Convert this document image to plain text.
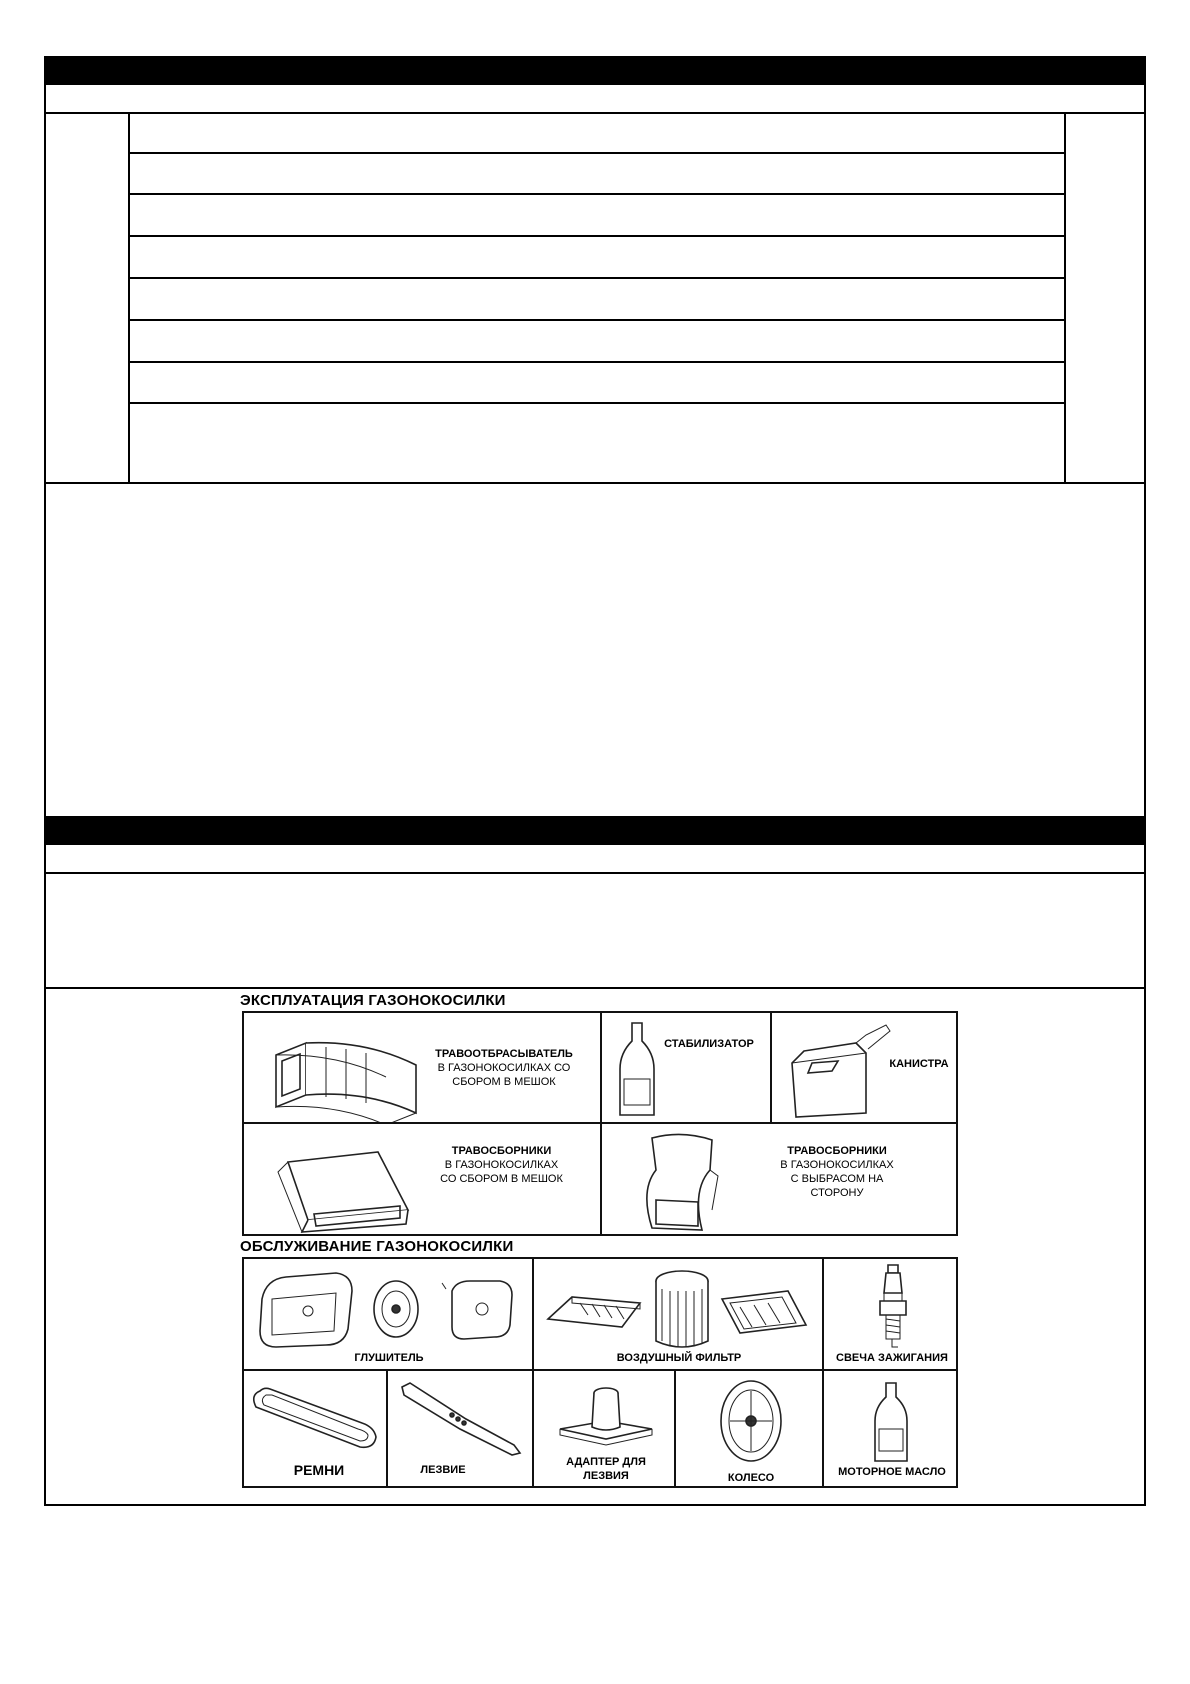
ЭКСПЛУАТАЦИЯ ГАЗОНОКОСИЛКИ
ТРАВООТБРАСЫВАТЕЛЬ
В ГАЗОНОКОСИЛКАХ СО
СБОРОМ В МЕШОК
СТАБИЛИЗАТОР
КАНИСТРА
ТРАВОСБОРНИКИ
В ГАЗОНОКОСИЛКАХ
СО СБОРОМ В МЕШОК
ТРАВОСБОРНИКИ
В ГАЗОНОКОСИЛКАХ
С ВЫБРАСОМ НА
СТОРОНУ
ОБСЛУЖИВАНИЕ ГАЗОНОКОСИЛКИ
ГЛУШИТЕЛЬ	ВОЗДУШНЫЙ ФИЛЬТР	СВЕЧА ЗАЖИГАНИЯ
РЕМНИ	ЛЕЗВИЕ
АДАПТЕР ДЛЯ
ЛЕЗВИЯ	КОЛЕСО	МОТОРНОЕ МАСЛО
